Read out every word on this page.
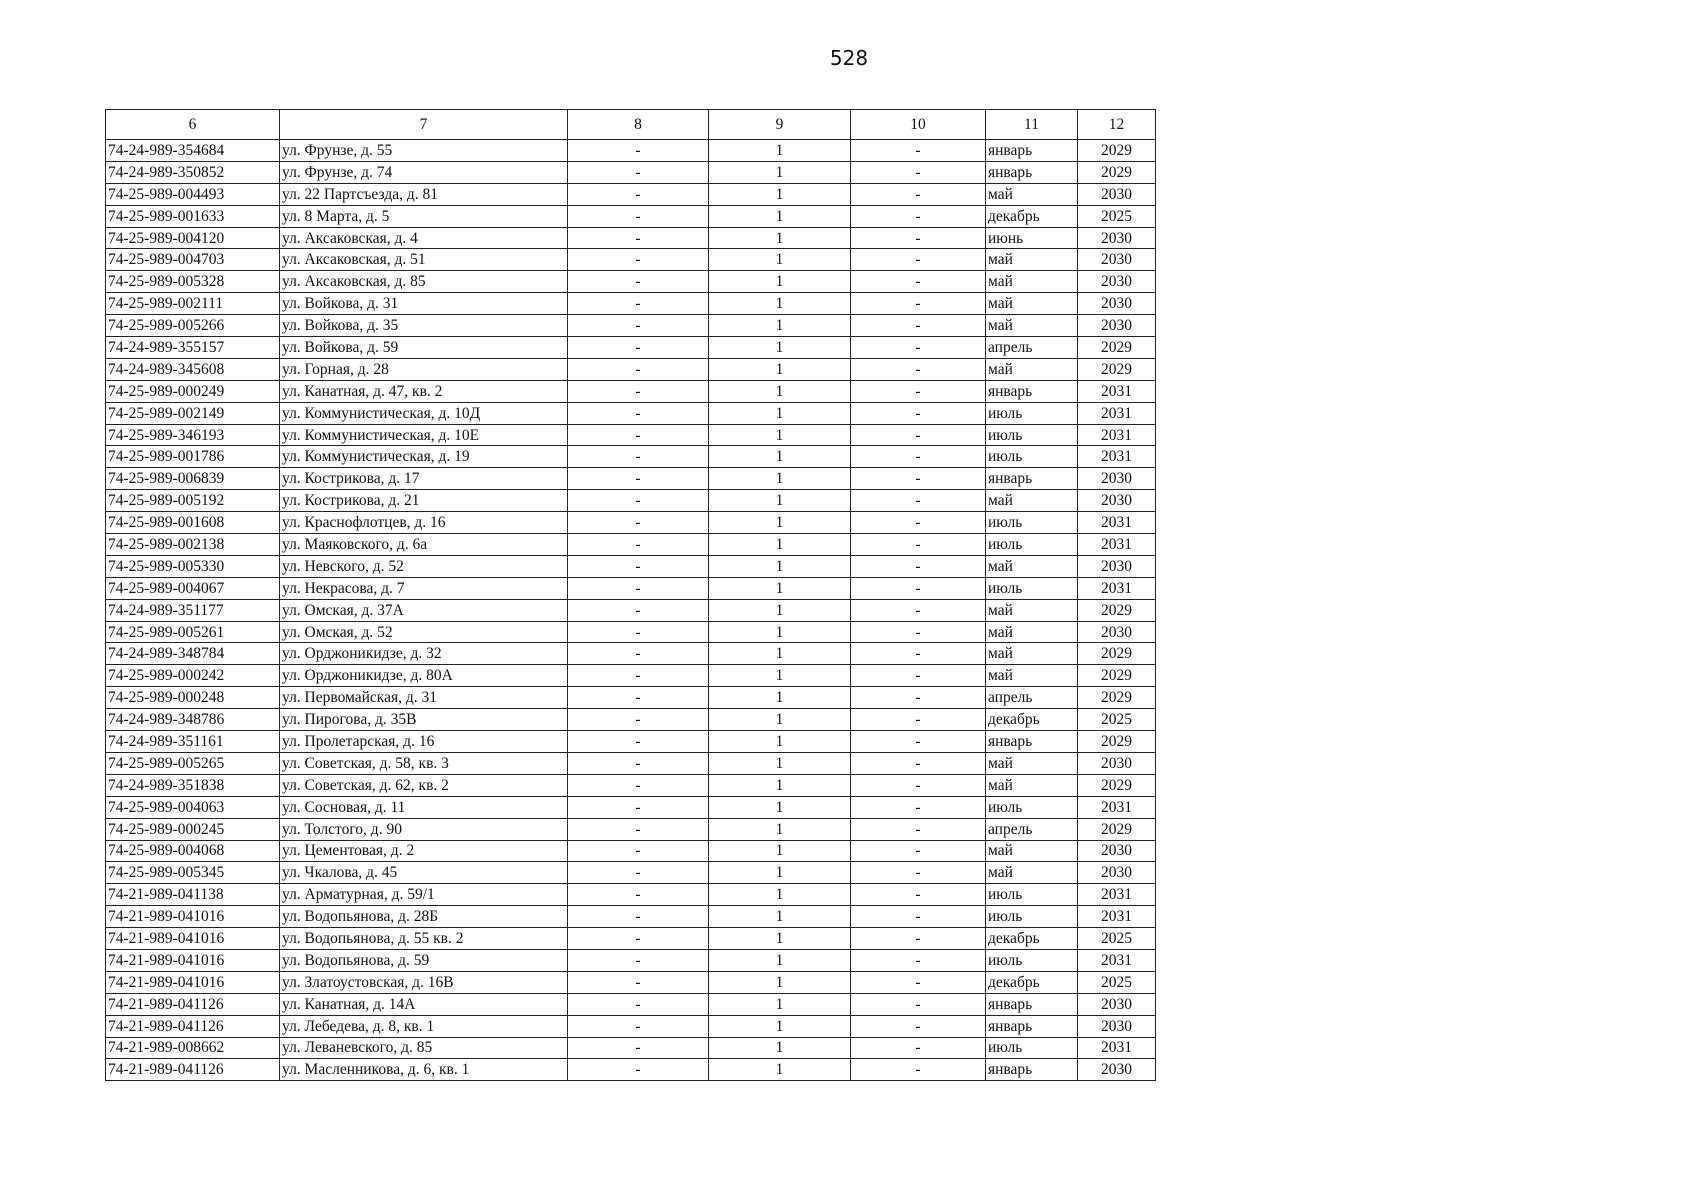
528
6	7	8	9	10	11	12
74-24-989-354684	ул. Фрунзе, д. 55	-	1	-	январь	2029
74-24-989-350852	ул. Фрунзе, д. 74	-	1	-	январь	2029
74-25-989-004493	ул. 22 Партсъезда, д. 81	-	1	-	май	2030
74-25-989-001633	ул. 8 Марта, д. 5	-	1	-	декабрь	2025
74-25-989-004120	ул. Аксаковская, д. 4	-	1	-	июнь	2030
74-25-989-004703	ул. Аксаковская, д. 51	-	1	-	май	2030
74-25-989-005328	ул. Аксаковская, д. 85	-	1	-	май	2030
74-25-989-002111	ул. Войкова, д. 31	-	1	-	май	2030
74-25-989-005266	ул. Войкова, д. 35	-	1	-	май	2030
74-24-989-355157	ул. Войкова, д. 59	-	1	-	апрель	2029
74-24-989-345608	ул. Горная, д. 28	-	1	-	май	2029
74-25-989-000249	ул. Канатная, д. 47, кв. 2	-	1	-	январь	2031
74-25-989-002149	ул. Коммунистическая, д. 10Д	-	1	-	июль	2031
74-25-989-346193	ул. Коммунистическая, д. 10Е	-	1	-	июль	2031
74-25-989-001786	ул. Коммунистическая, д. 19	-	1	-	июль	2031
74-25-989-006839	ул. Кострикова, д. 17	-	1	-	январь	2030
74-25-989-005192	ул. Кострикова, д. 21	-	1	-	май	2030
74-25-989-001608	ул. Краснофлотцев, д. 16	-	1	-	июль	2031
74-25-989-002138	ул. Маяковского, д. 6а	-	1	-	июль	2031
74-25-989-005330	ул. Невского, д. 52	-	1	-	май	2030
74-25-989-004067	ул. Некрасова, д. 7	-	1	-	июль	2031
74-24-989-351177	ул. Омская, д. 37А	-	1	-	май	2029
74-25-989-005261	ул. Омская, д. 52	-	1	-	май	2030
74-24-989-348784	ул. Орджоникидзе, д. 32	-	1	-	май	2029
74-25-989-000242	ул. Орджоникидзе, д. 80А	-	1	-	май	2029
74-25-989-000248	ул. Первомайская, д. 31	-	1	-	апрель	2029
74-24-989-348786	ул. Пирогова, д. 35В	-	1	-	декабрь	2025
74-24-989-351161	ул. Пролетарская, д. 16	-	1	-	январь	2029
74-25-989-005265	ул. Советская, д. 58, кв. 3	-	1	-	май	2030
74-24-989-351838	ул. Советская, д. 62, кв. 2	-	1	-	май	2029
74-25-989-004063	ул. Сосновая, д. 11	-	1	-	июль	2031
74-25-989-000245	ул. Толстого, д. 90	-	1	-	апрель	2029
74-25-989-004068	ул. Цементовая, д. 2	-	1	-	май	2030
74-25-989-005345	ул. Чкалова, д. 45	-	1	-	май	2030
74-21-989-041138	ул. Арматурная, д. 59/1	-	1	-	июль	2031
74-21-989-041016	ул. Водопьянова, д. 28Б	-	1	-	июль	2031
74-21-989-041016	ул. Водопьянова, д. 55 кв. 2	-	1	-	декабрь	2025
74-21-989-041016	ул. Водопьянова, д. 59	-	1	-	июль	2031
74-21-989-041016	ул. Златоустовская, д. 16В	-	1	-	декабрь	2025
74-21-989-041126	ул. Канатная, д. 14А	-	1	-	январь	2030
74-21-989-041126	ул. Лебедева, д. 8, кв. 1	-	1	-	январь	2030
74-21-989-008662	ул. Леваневского, д. 85	-	1	-	июль	2031
74-21-989-041126	ул. Масленникова, д. 6, кв. 1	-	1	-	январь	2030
